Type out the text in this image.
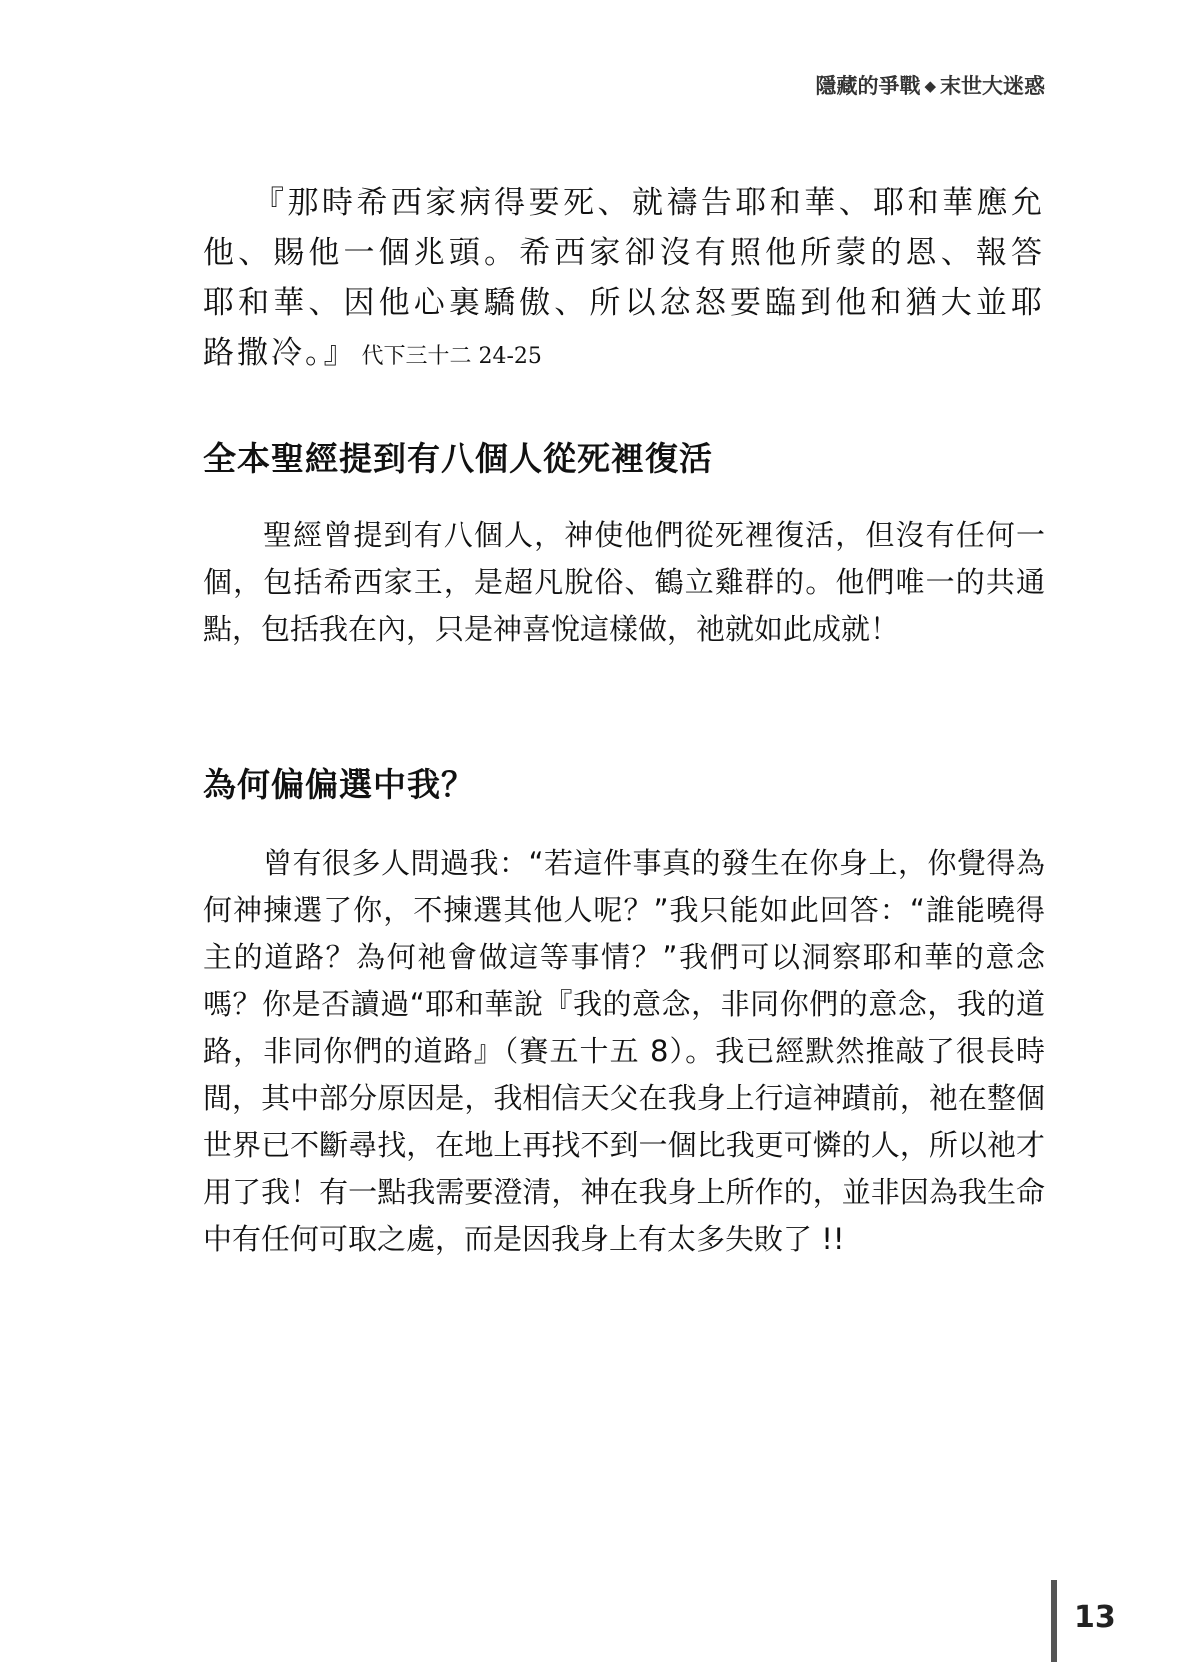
隱藏的爭戰 ◆ 末世大迷惑
『那時希西家病得要死、就禱告耶和華、耶和華應允他、賜他一個兆頭。希西家卻沒有照他所蒙的恩、報答耶和華、因他心裏驕傲、所以忿怒要臨到他和猶大並耶路撒冷。』 代下三十二 24-25
全本聖經提到有八個人從死裡復活
聖經曾提到有八個人，神使他們從死裡復活，但沒有任何一個，包括希西家王，是超凡脫俗、鶴立雞群的。他們唯一的共通點，包括我在內，只是神喜悅這樣做，祂就如此成就！
為何偏偏選中我？
曾有很多人問過我：“若這件事真的發生在你身上，你覺得為何神揀選了你，不揀選其他人呢？”我只能如此回答：“誰能曉得主的道路？為何祂會做這等事情？”我們可以洞察耶和華的意念嗎？你是否讀過“耶和華說『我的意念，非同你們的意念，我的道路，非同你們的道路』（賽五十五 8）。我已經默然推敲了很長時間，其中部分原因是，我相信天父在我身上行這神蹟前，祂在整個世界已不斷尋找，在地上再找不到一個比我更可憐的人，所以祂才用了我！有一點我需要澄清，神在我身上所作的，並非因為我生命中有任何可取之處，而是因我身上有太多失敗了 !!
13
